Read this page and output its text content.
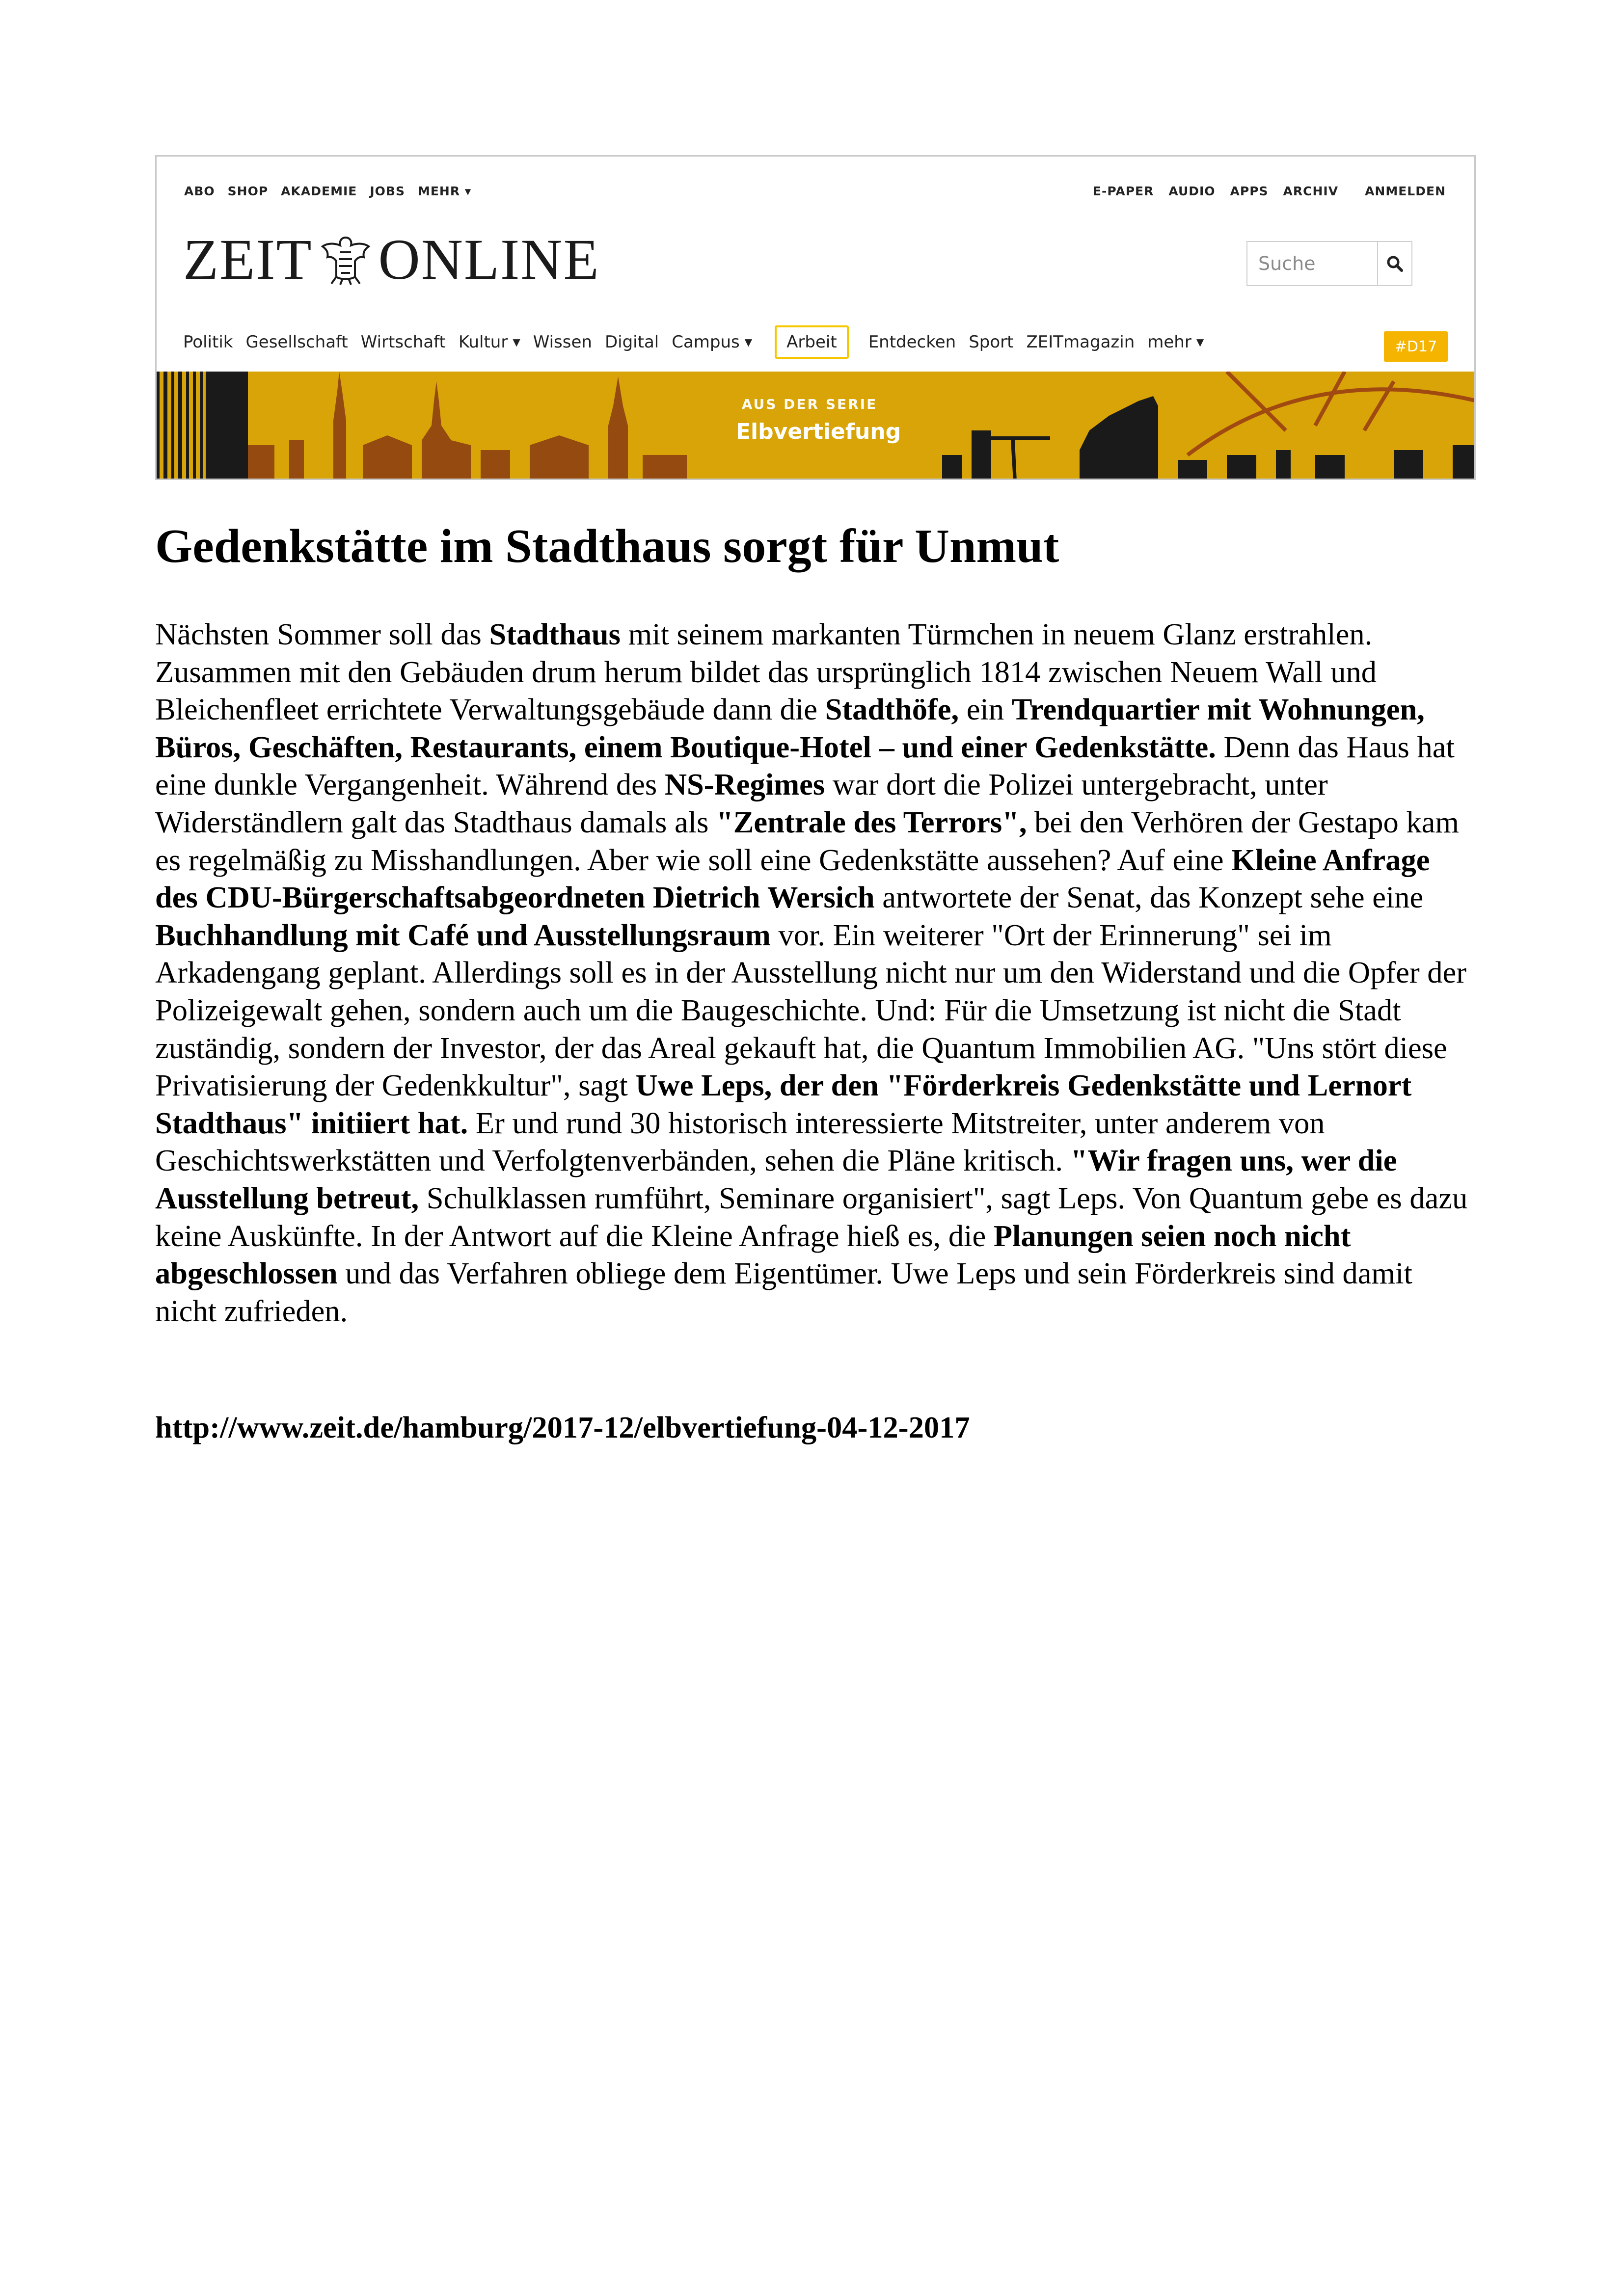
ABO SHOP AKADEMIE JOBS MEHR ▾	E-PAPER AUDIO APPS ARCHIV ANMELDEN
ZEIT ONLINE
Suche
Politik Gesellschaft Wirtschaft Kultur ▼ Wissen Digital Campus ▼	Arbeit	Entdecken Sport ZEITmagazin mehr ▼	#D17
AUS DER SERIE
Elbvertiefung
Gedenkstätte im Stadthaus sorgt für Unmut

Nächsten Sommer soll das Stadthaus mit seinem markanten Türmchen in neuem Glanz erstrahlen. Zusammen mit den Gebäuden drum herum bildet das ursprünglich 1814 zwischen Neuem Wall und Bleichenfleet errichtete Verwaltungsgebäude dann die Stadthöfe, ein Trendquartier mit Wohnungen, Büros, Geschäften, Restaurants, einem Boutique-Hotel – und einer Gedenkstätte. Denn das Haus hat eine dunkle Vergangenheit. Während des NS-Regimes war dort die Polizei untergebracht, unter Widerständlern galt das Stadthaus damals als "Zentrale des Terrors", bei den Verhören der Gestapo kam es regelmäßig zu Misshandlungen. Aber wie soll eine Gedenkstätte aussehen? Auf eine Kleine Anfrage des CDU-Bürgerschaftsabgeordneten Dietrich Wersich antwortete der Senat, das Konzept sehe eine Buchhandlung mit Café und Ausstellungsraum vor. Ein weiterer "Ort der Erinnerung" sei im Arkadengang geplant. Allerdings soll es in der Ausstellung nicht nur um den Widerstand und die Opfer der Polizeigewalt gehen, sondern auch um die Baugeschichte. Und: Für die Umsetzung ist nicht die Stadt zuständig, sondern der Investor, der das Areal gekauft hat, die Quantum Immobilien AG. "Uns stört diese Privatisierung der Gedenkkultur", sagt Uwe Leps, der den "Förderkreis Gedenkstätte und Lernort Stadthaus" initiiert hat. Er und rund 30 historisch interessierte Mitstreiter, unter anderem von Geschichtswerkstätten und Verfolgtenverbänden, sehen die Pläne kritisch. "Wir fragen uns, wer die Ausstellung betreut, Schulklassen rumführt, Seminare organisiert", sagt Leps. Von Quantum gebe es dazu keine Auskünfte. In der Antwort auf die Kleine Anfrage hieß es, die Planungen seien noch nicht abgeschlossen und das Verfahren obliege dem Eigentümer. Uwe Leps und sein Förderkreis sind damit nicht zufrieden.

http://www.zeit.de/hamburg/2017-12/elbvertiefung-04-12-2017
